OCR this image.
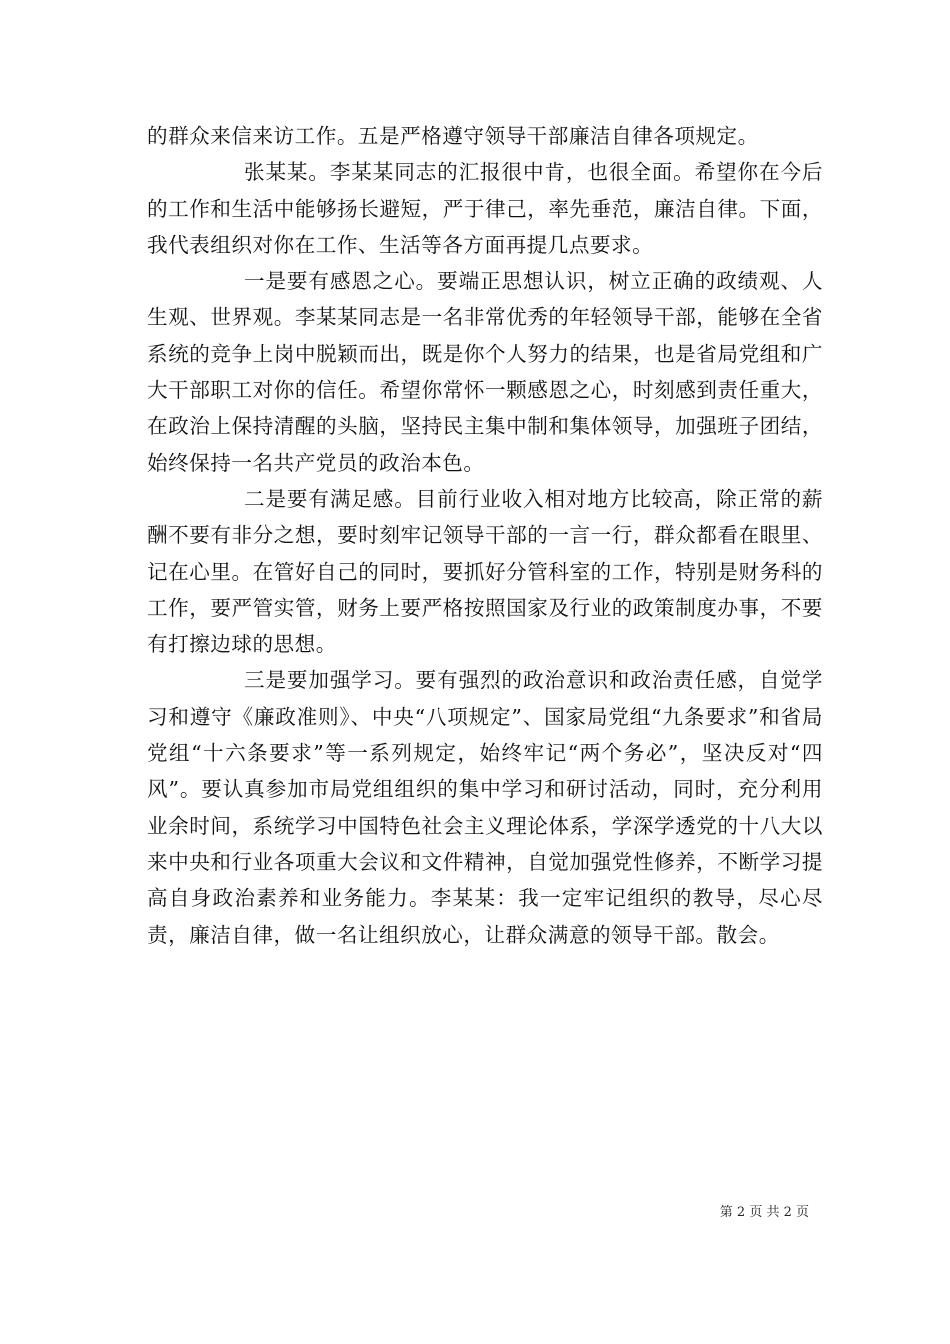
的群众来信来访工作。五是严格遵守领导干部廉洁自律各项规定。

张某某。李某某同志的汇报很中肯，也很全面。希望你在今后的工作和生活中能够扬长避短，严于律己，率先垂范，廉洁自律。下面，我代表组织对你在工作、生活等各方面再提几点要求。

一是要有感恩之心。要端正思想认识，树立正确的政绩观、人生观、世界观。李某某同志是一名非常优秀的年轻领导干部，能够在全省系统的竞争上岗中脱颖而出，既是你个人努力的结果，也是省局党组和广大干部职工对你的信任。希望你常怀一颗感恩之心，时刻感到责任重大，在政治上保持清醒的头脑，坚持民主集中制和集体领导，加强班子团结，始终保持一名共产党员的政治本色。

二是要有满足感。目前行业收入相对地方比较高，除正常的薪酬不要有非分之想，要时刻牢记领导干部的一言一行，群众都看在眼里、记在心里。在管好自己的同时，要抓好分管科室的工作，特别是财务科的工作，要严管实管，财务上要严格按照国家及行业的政策制度办事，不要有打擦边球的思想。

三是要加强学习。要有强烈的政治意识和政治责任感，自觉学习和遵守《廉政准则》、中央“八项规定”、国家局党组“九条要求”和省局党组“十六条要求”等一系列规定，始终牢记“两个务必”，坚决反对“四风”。要认真参加市局党组组织的集中学习和研讨活动，同时，充分利用业余时间，系统学习中国特色社会主义理论体系，学深学透党的十八大以来中央和行业各项重大会议和文件精神，自觉加强党性修养，不断学习提高自身政治素养和业务能力。李某某：我一定牢记组织的教导，尽心尽责，廉洁自律，做一名让组织放心，让群众满意的领导干部。散会。

第 2 页 共 2 页
